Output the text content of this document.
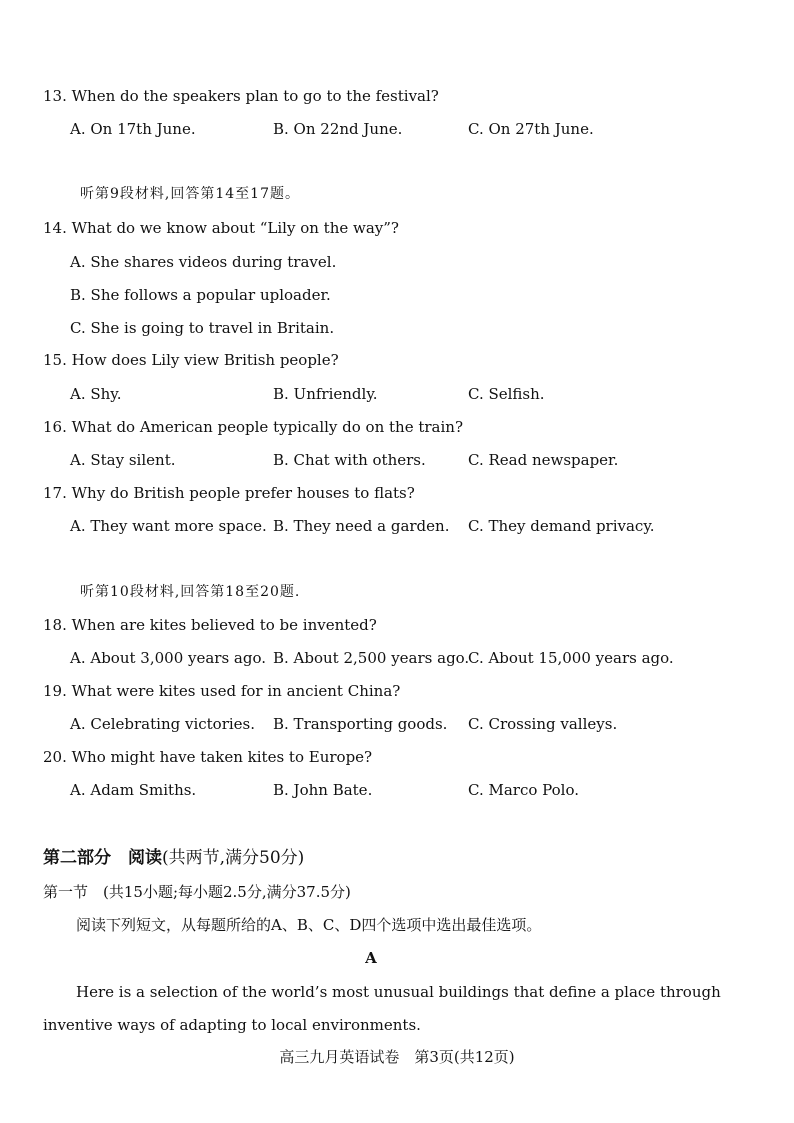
13. When do the speakers plan to go to the festival?
A. On 17th June.	B. On 22nd June.	C. On 27th June.
听第9段材料,回答第14至17题。
14. What do we know about “Lily on the way”?
A. She shares videos during travel.
B. She follows a popular uploader.
C. She is going to travel in Britain.
15. How does Lily view British people?
A. Shy.	B. Unfriendly.	C. Selfish.
16. What do American people typically do on the train?
A. Stay silent.	B. Chat with others.	C. Read newspaper.
17. Why do British people prefer houses to flats?
A. They want more space. B. They need a garden.	C. They demand privacy.
听第10段材料,回答第18至20题.
18. When are kites believed to be invented?
A. About 3,000 years ago. B. About 2,500 years ago.
C. About 15,000 years ago.
19. What were kites used for in ancient China?
A. Celebrating victories.	B. Transporting goods.	C. Crossing valleys.
20. Who might have taken kites to Europe?
A. Adam Smiths.	B. John Bate.	C. Marco Polo.
第二部分　阅读(共两节,满分50分)
第一节　(共15小题;每小题2.5分,满分37.5分)
阅读下列短文，从每题所给的A、B、C、D四个选项中选出最佳选项。
A
Here is a selection of the world’s most unusual buildings that define a place through
inventive ways of adapting to local environments.
高三九月英语试卷　第3页(共12页)
